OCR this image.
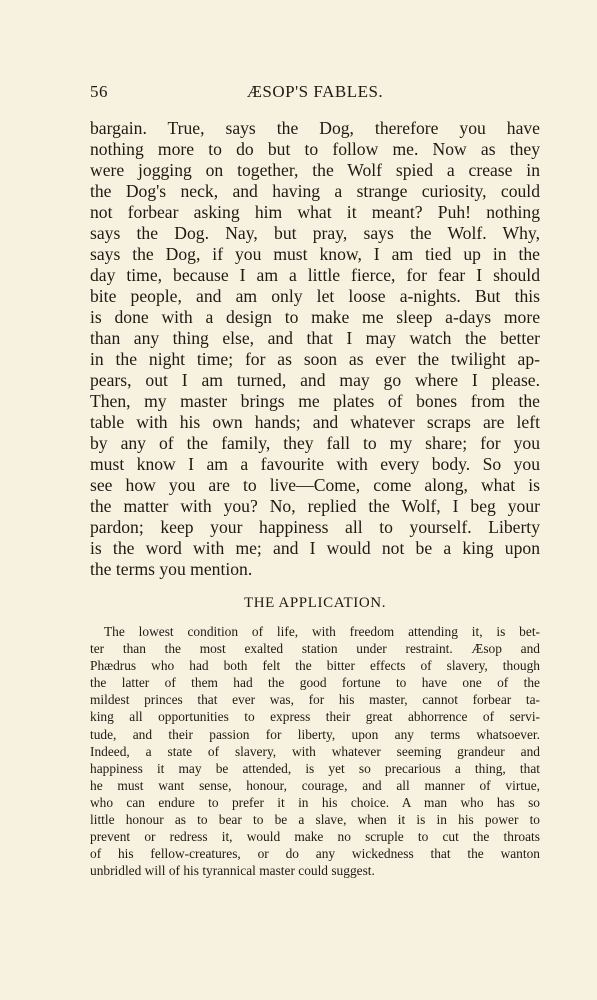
56	ÆSOP'S FABLES.
bargain. True, says the Dog, therefore you have
nothing more to do but to follow me. Now as they
were jogging on together, the Wolf spied a crease in
the Dog's neck, and having a strange curiosity, could
not forbear asking him what it meant? Puh! nothing
says the Dog. Nay, but pray, says the Wolf. Why,
says the Dog, if you must know, I am tied up in the
day time, because I am a little fierce, for fear I should
bite people, and am only let loose a-nights. But this
is done with a design to make me sleep a-days more
than any thing else, and that I may watch the better
in the night time; for as soon as ever the twilight ap-
pears, out I am turned, and may go where I please.
Then, my master brings me plates of bones from the
table with his own hands; and whatever scraps are left
by any of the family, they fall to my share; for you
must know I am a favourite with every body. So you
see how you are to live—Come, come along, what is
the matter with you? No, replied the Wolf, I beg your
pardon; keep your happiness all to yourself. Liberty
is the word with me; and I would not be a king upon
the terms you mention.
THE APPLICATION.
The lowest condition of life, with freedom attending it, is bet-
ter than the most exalted station under restraint. Æsop and
Phædrus who had both felt the bitter effects of slavery, though
the latter of them had the good fortune to have one of the
mildest princes that ever was, for his master, cannot forbear ta-
king all opportunities to express their great abhorrence of servi-
tude, and their passion for liberty, upon any terms whatsoever.
Indeed, a state of slavery, with whatever seeming grandeur and
happiness it may be attended, is yet so precarious a thing, that
he must want sense, honour, courage, and all manner of virtue,
who can endure to prefer it in his choice. A man who has so
little honour as to bear to be a slave, when it is in his power to
prevent or redress it, would make no scruple to cut the throats
of his fellow-creatures, or do any wickedness that the wanton
unbridled will of his tyrannical master could suggest.
